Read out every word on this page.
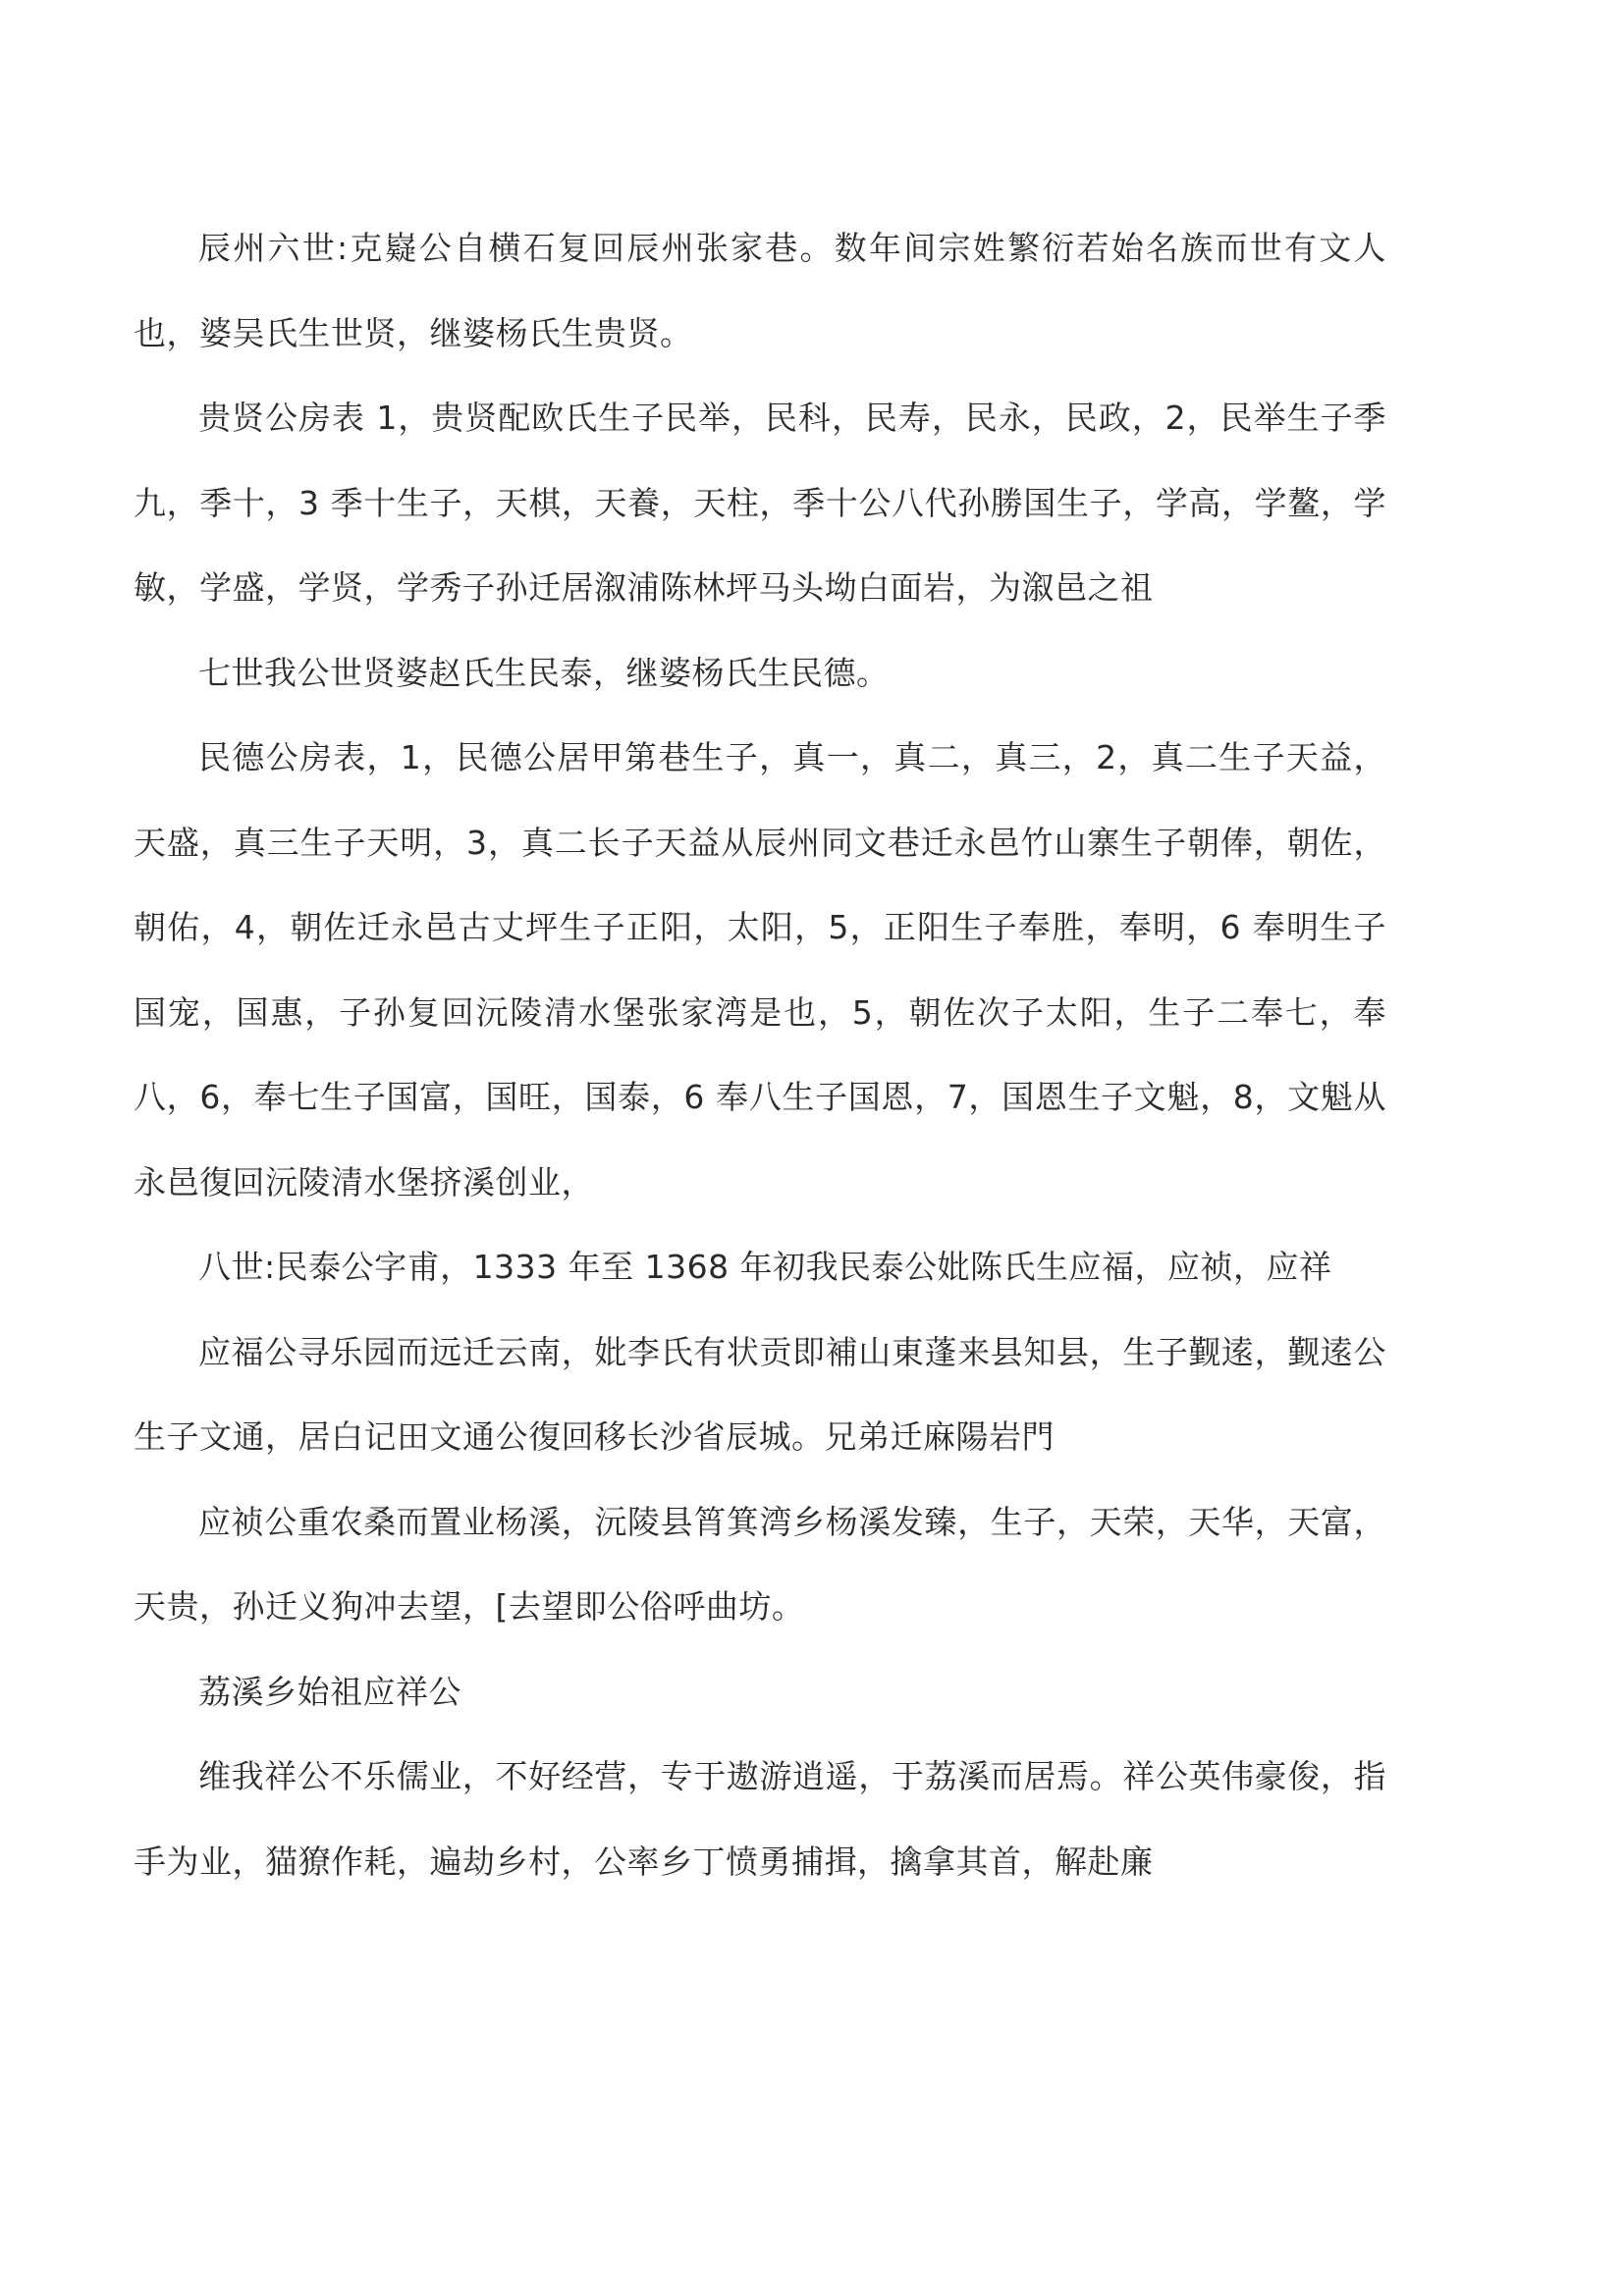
辰州六世:克嶷公自横石复回辰州张家巷。数年间宗姓繁衍若始名族而世有文人也，婆吴氏生世贤，继婆杨氏生贵贤。

贵贤公房表 1，贵贤配欧氏生子民举，民科，民寿，民永，民政，2，民举生子季九，季十，3 季十生子，天棋，天養，天柱，季十公八代孙勝国生子，学高，学鳌，学敏，学盛，学贤，学秀子孙迁居溆浦陈林坪马头坳白面岩，为溆邑之祖

七世我公世贤婆赵氏生民泰，继婆杨氏生民德。

民德公房表，1，民德公居甲第巷生子，真一，真二，真三，2，真二生子天益，天盛，真三生子天明，3，真二长子天益从辰州同文巷迁永邑竹山寨生子朝俸，朝佐，朝佑，4，朝佐迁永邑古丈坪生子正阳，太阳，5，正阳生子奉胜，奉明，6 奉明生子国宠，国惠，子孙复回沅陵清水堡张家湾是也，5，朝佐次子太阳，生子二奉七，奉八，6，奉七生子国富，国旺，国泰，6 奉八生子国恩，7，国恩生子文魁，8，文魁从永邑復回沅陵清水堡挤溪创业，

八世:民泰公字甫，1333 年至 1368 年初我民泰公妣陈氏生应福，应祯，应祥

应福公寻乐园而远迁云南，妣李氏有状贡即補山東蓬来县知县，生子觐逺，觐逺公生子文通，居白记田文通公復回移长沙省辰城。兄弟迁麻陽岩門

应祯公重农桑而置业杨溪，沅陵县筲箕湾乡杨溪发臻，生子，天荣，天华，天富，天贵，孙迁义狗冲去望，[去望即公俗呼曲坊。

荔溪乡始祖应祥公

维我祥公不乐儒业，不好经营，专于遨游逍遥，于荔溪而居焉。祥公英伟豪俊，指手为业，猫獠作耗，遍劫乡村，公率乡丁愤勇捕揖，擒拿其首，解赴廉
